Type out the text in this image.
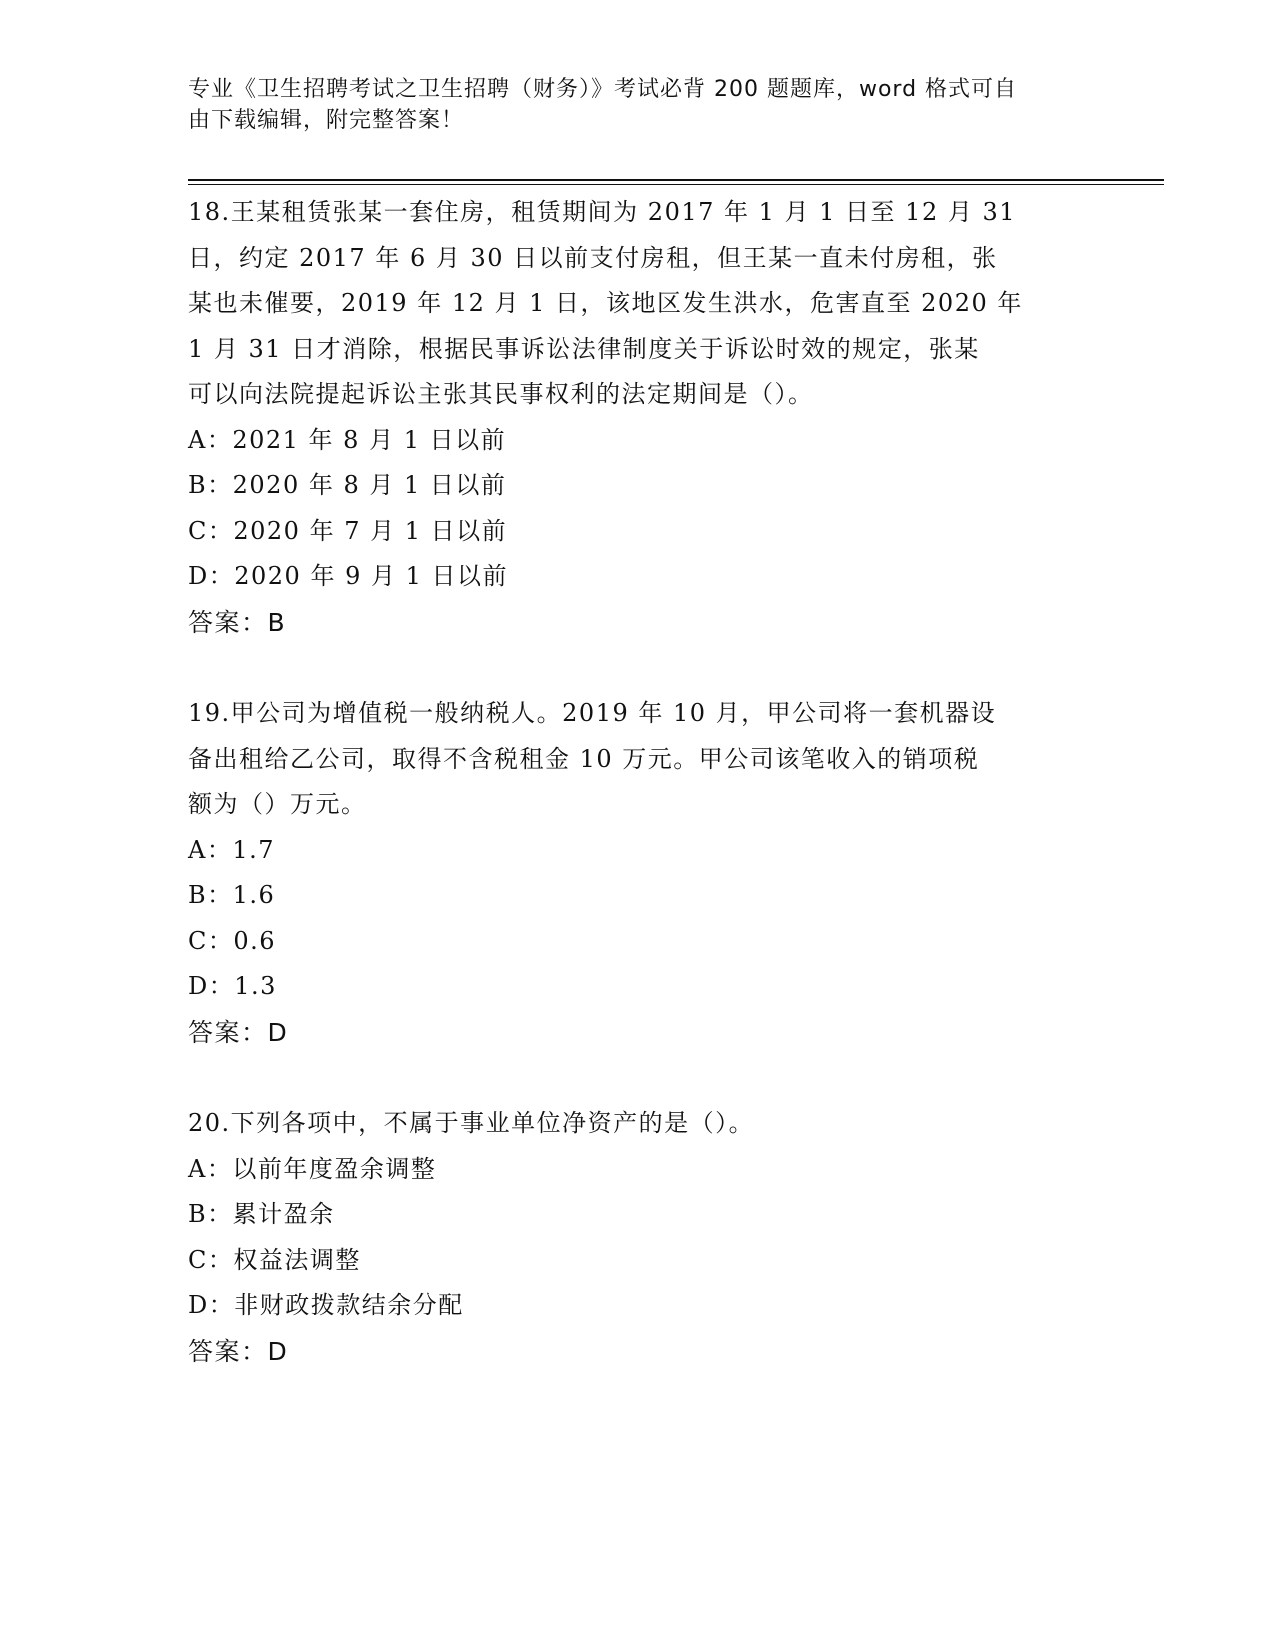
专业《卫生招聘考试之卫生招聘（财务）》考试必背 200 题题库，word 格式可自
由下载编辑，附完整答案！
18.王某租赁张某一套住房，租赁期间为 2017 年 1 月 1 日至 12 月 31
日，约定 2017 年 6 月 30 日以前支付房租，但王某一直未付房租，张
某也未催要，2019 年 12 月 1 日，该地区发生洪水，危害直至 2020 年
1 月 31 日才消除，根据民事诉讼法律制度关于诉讼时效的规定，张某
可以向法院提起诉讼主张其民事权利的法定期间是（）。
A：2021 年 8 月 1 日以前
B：2020 年 8 月 1 日以前
C：2020 年 7 月 1 日以前
D：2020 年 9 月 1 日以前
答案：B
19.甲公司为增值税一般纳税人。2019 年 10 月，甲公司将一套机器设
备出租给乙公司，取得不含税租金 10 万元。甲公司该笔收入的销项税
额为（）万元。
A：1.7
B：1.6
C：0.6
D：1.3
答案：D
20.下列各项中，不属于事业单位净资产的是（）。
A：以前年度盈余调整
B：累计盈余
C：权益法调整
D：非财政拨款结余分配
答案：D
